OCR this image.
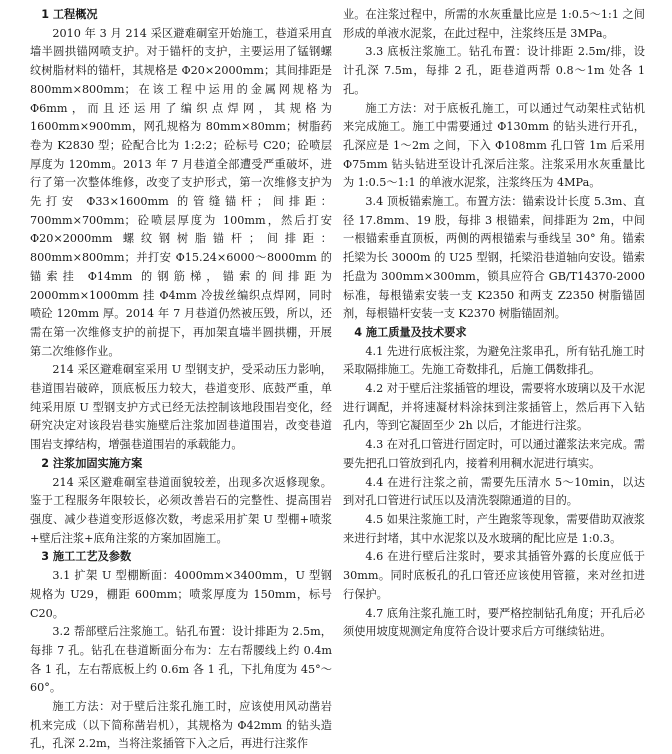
1 工程概况

2010 年 3 月 214 采区避难硐室开始施工，巷道采用直墙半圆拱锚网喷支护。对于锚杆的支护，主要运用了锰钢螺纹树脂材料的锚杆，其规格是 Φ20×2000mm；其间排距是 800mm×800mm；在该工程中运用的金属网规格为 Φ6mm，而且还运用了编织点焊网，其规格为 1600mm×900mm，网孔规格为 80mm×80mm；树脂药卷为 K2830 型；砼配合比为 1:2:2；砼标号 C20；砼喷层厚度为 120mm。2013 年 7 月巷道全部遭受严重破坏，进行了第一次整体维修，改变了支护形式，第一次维修支护为先打安 Φ33×1600mm 的管缝锚杆；间排距：700mm×700mm；砼喷层厚度为 100mm，然后打安 Φ20×2000mm 螺纹钢树脂锚杆；间排距：800mm×800mm；并打安 Φ15.24×6000～8000mm 的锚索挂 Φ14mm 的钢筋梯，锚索的间排距为 2000mm×1000mm 挂 Φ4mm 冷拔丝编织点焊网，同时喷砼 120mm 厚。2014 年 7 月巷道仍然被压毁，所以，还需在第一次维修支护的前提下，再加架直墙半圆拱棚，开展第二次维修作业。

214 采区避难硐室采用 U 型钢支护，受采动压力影响，巷道围岩破碎，顶底板压力较大，巷道变形、底鼓严重，单纯采用原 U 型钢支护方式已经无法控制该地段围岩变化，经研究决定对该段岩巷实施壁后注浆加固巷道围岩，改变巷道围岩支撑结构，增强巷道围岩的承载能力。

2 注浆加固实施方案

214 采区避难硐室巷道面貌较差，出现多次返修现象。鉴于工程服务年限较长，必须改善岩石的完整性、提高围岩强度、减少巷道变形返修次数，考虑采用扩架 U 型棚+喷浆+壁后注浆+底角注浆的方案加固施工。

3 施工工艺及参数

3.1 扩架 U 型棚断面：4000mm×3400mm，U 型钢规格为 U29，棚距 600mm；喷浆厚度为 150mm，标号 C20。

3.2 帮部壁后注浆施工。钻孔布置：设计排距为 2.5m，每排 7 孔。钻孔在巷道断面分布为：左右帮腰线上约 0.4m 各 1 孔，左右帮底板上约 0.6m 各 1 孔，下扎角度为 45°～60°。

施工方法：对于壁后注浆孔施工时，应该使用风动凿岩机来完成（以下简称凿岩机），其规格为 Φ42mm 的钻头造孔，孔深 2.2m，当将注浆插管下入之后，再进行注浆作

业。在注浆过程中，所需的水灰重量比应是 1:0.5～1:1 之间形成的单液水泥浆，在此过程中，注浆终压是 3MPa。

3.3 底板注浆施工。钻孔布置：设计排距 2.5m/排，设计孔深 7.5m，每排 2 孔，距巷道两帮 0.8～1m 处各 1 孔。

施工方法：对于底板孔施工，可以通过气动架柱式钻机来完成施工。施工中需要通过 Φ130mm 的钻头进行开孔，孔深应是 1～2m 之间，下入 Φ108mm 孔口管 1m 后采用 Φ75mm 钻头钻进至设计孔深后注浆。注浆采用水灰重量比为 1:0.5～1:1 的单液水泥浆，注浆终压为 4MPa。

3.4 顶板锚索施工。布置方法：锚索设计长度 5.3m、直径 17.8mm、19 股，每排 3 根锚索，间排距为 2m，中间一根锚索垂直顶板，两侧的两根锚索与垂线呈 30° 角。锚索托梁为长 3000m 的 U25 型钢，托梁沿巷道轴向安设。锚索托盘为 300mm×300mm，锁具应符合 GB/T14370-2000 标准，每根锚索安装一支 K2350 和两支 Z2350 树脂锚固剂，每根锚杆安装一支 K2370 树脂锚固剂。

4 施工质量及技术要求

4.1 先进行底板注浆，为避免注浆串孔，所有钻孔施工时采取隔排施工。先施工奇数排孔，后施工偶数排孔。

4.2 对于壁后注浆插管的埋设，需要将水玻璃以及干水泥进行调配，并将速凝材料涂抹到注浆插管上，然后再下入钻孔内，等到它凝固至少 2h 以后，才能进行注浆。

4.3 在对孔口管进行固定时，可以通过灌浆法来完成。需要先把孔口管放到孔内，接着利用稠水泥进行填实。

4.4 在进行注浆之前，需要先压清水 5～10min，以达到对孔口管进行试压以及清洗裂隙通道的目的。

4.5 如果注浆施工时，产生跑浆等现象，需要借助双液浆来进行封堵，其中水泥浆以及水玻璃的配比应是 1:0.3。

4.6 在进行壁后注浆时，要求其插管外露的长度应低于 30mm。同时底板孔的孔口管还应该使用管箍，来对丝扣进行保护。

4.7 底角注浆孔施工时，要严格控制钻孔角度；开孔后必须使用坡度规测定角度符合设计要求后方可继续钻进。
